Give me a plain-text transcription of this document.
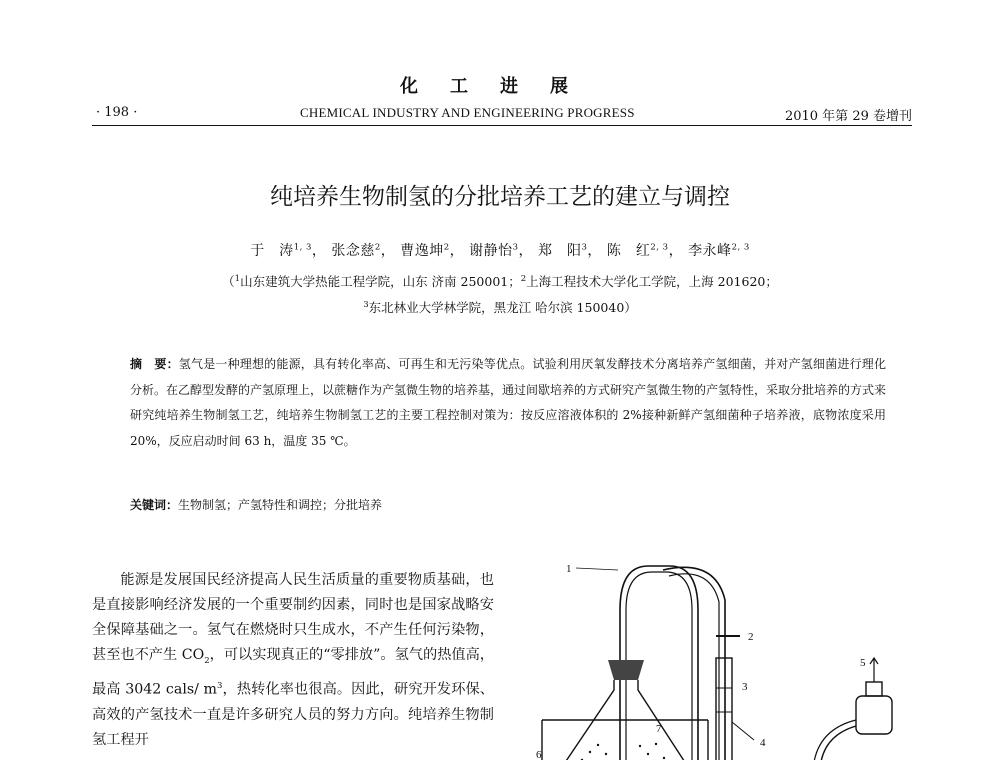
化工进展
· 198 ·	CHEMICAL INDUSTRY AND ENGINEERING PROGRESS	2010 年第 29 卷增刊
纯培养生物制氢的分批培养工艺的建立与调控
于　涛$^{1, 3}$， 张念慈$^2$， 曹逸坤$^2$， 谢静怡$^3$， 郑　阳$^3$， 陈　红$^{2, 3}$， 李永峰$^{2, 3}$
（$^1$山东建筑大学热能工程学院，山东 济南 250001；$^2$上海工程技术大学化工学院，上海 201620；
$^3$东北林业大学林学院，黑龙江 哈尔滨 150040）
摘　要：氢气是一种理想的能源，具有转化率高、可再生和无污染等优点。试验利用厌氧发酵技术分离培养产氢细菌，并对产氢细菌进行理化分析。在乙醇型发酵的产氢原理上，以蔗糖作为产氢微生物的培养基，通过间歇培养的方式研究产氢微生物的产氢特性，采取分批培养的方式来研究纯培养生物制氢工艺，纯培养生物制氢工艺的主要工程控制对策为：按反应溶液体积的 2%接种新鲜产氢细菌种子培养液，底物浓度采用 20%，反应启动时间 63 h，温度 35 ℃。
关键词：生物制氢；产氢特性和调控；分批培养
能源是发展国民经济提高人民生活质量的重要物质基础，也是直接影响经济发展的一个重要制约因素，同时也是国家战略安全保障基础之一。氢气在燃烧时只生成水，不产生任何污染物，甚至也不产生 $CO_2$，可以实现真正的“零排放”。氢气的热值高，最高 3042 cals/ $m^3$，热转化率也很高。因此，研究开发环保、高效的产氢技术一直是许多研究人员的努力方向。纯培养生物制氢工程开
1
2
3
4
5
6
7
